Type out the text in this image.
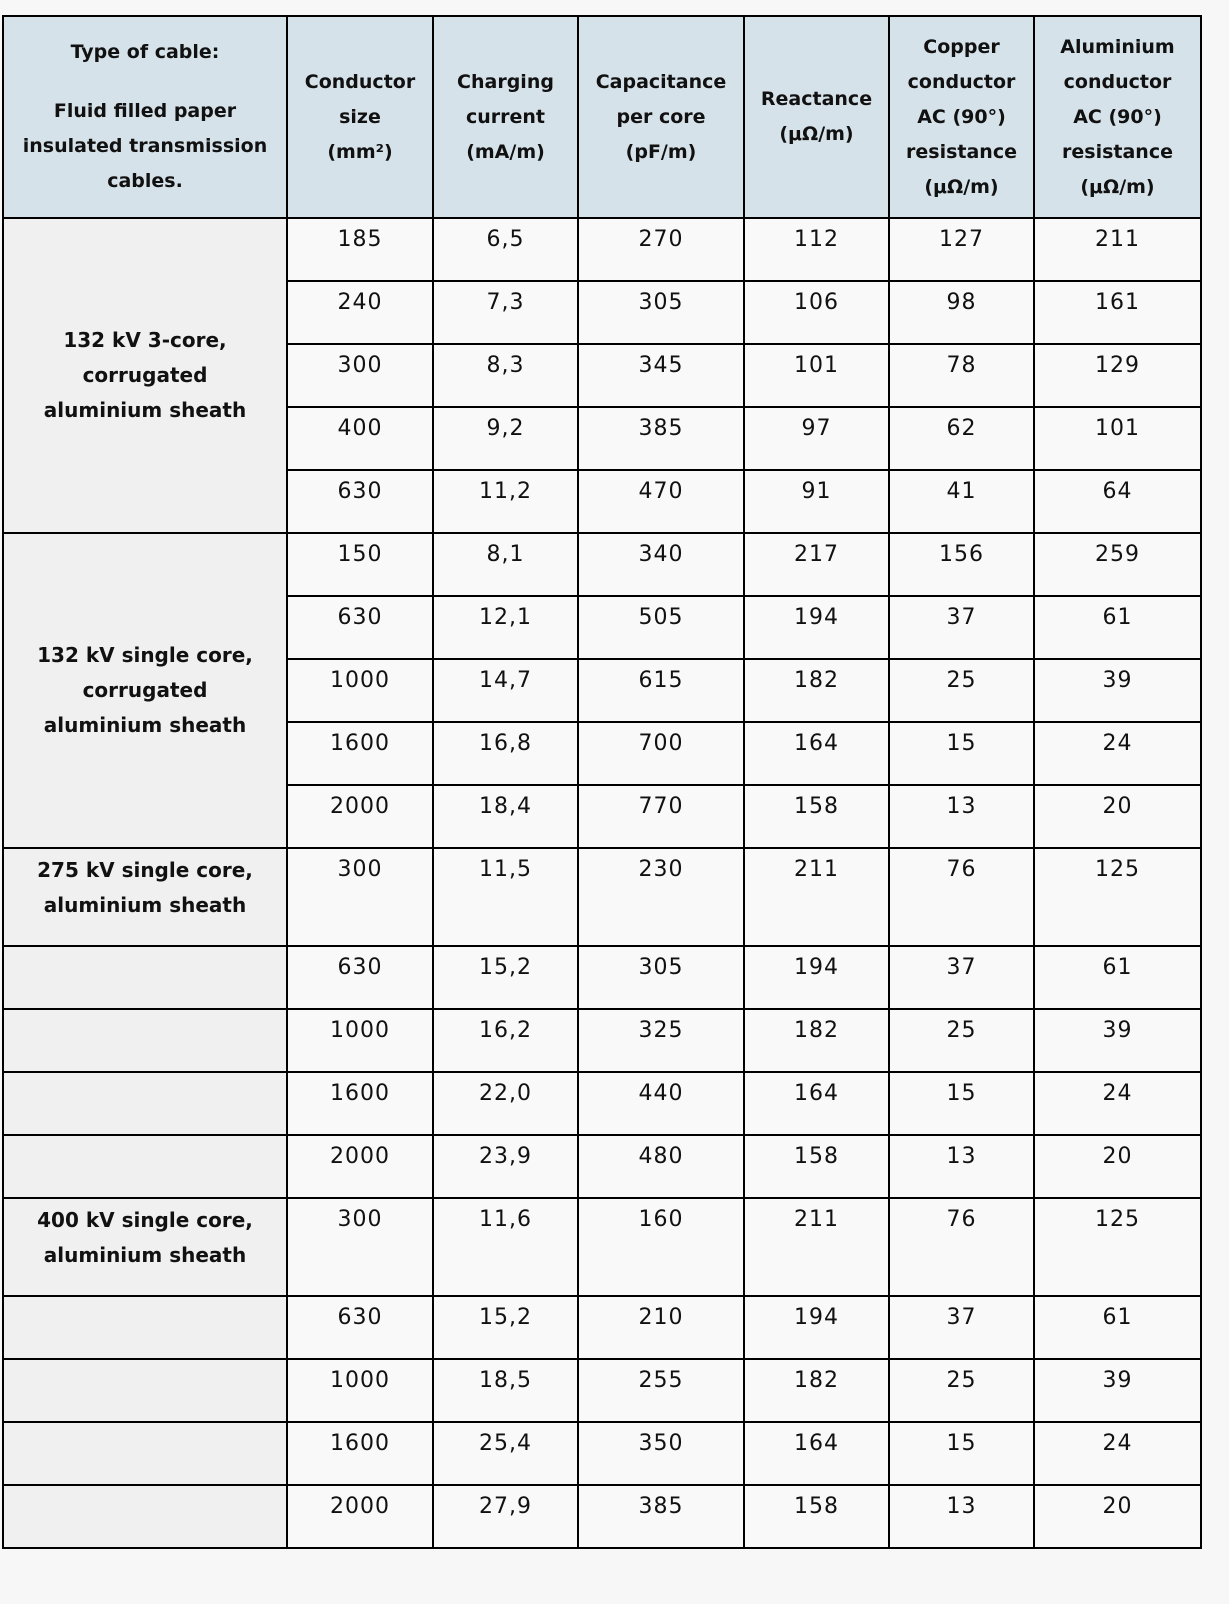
Type of cable:
Fluid filled paper insulated transmission cables.	Conductor
size
(mm²)	Charging
current
(mA/m)	Capacitance
per core
(pF/m)	Reactance
(μΩ/m)	Copper
conductor
AC (90°)
resistance
(μΩ/m)	Aluminium
conductor
AC (90°)
resistance
(μΩ/m)

132 kV 3-core, corrugated aluminium sheath	185	6,5	270	112	127	211
	240	7,3	305	106	98	161
	300	8,3	345	101	78	129
	400	9,2	385	97	62	101
	630	11,2	470	91	41	64
132 kV single core, corrugated aluminium sheath	150	8,1	340	217	156	259
	630	12,1	505	194	37	61
	1000	14,7	615	182	25	39
	1600	16,8	700	164	15	24
	2000	18,4	770	158	13	20
275 kV single core, aluminium sheath	300	11,5	230	211	76	125
	630	15,2	305	194	37	61
	1000	16,2	325	182	25	39
	1600	22,0	440	164	15	24
	2000	23,9	480	158	13	20
400 kV single core, aluminium sheath	300	11,6	160	211	76	125
	630	15,2	210	194	37	61
	1000	18,5	255	182	25	39
	1600	25,4	350	164	15	24
	2000	27,9	385	158	13	20
